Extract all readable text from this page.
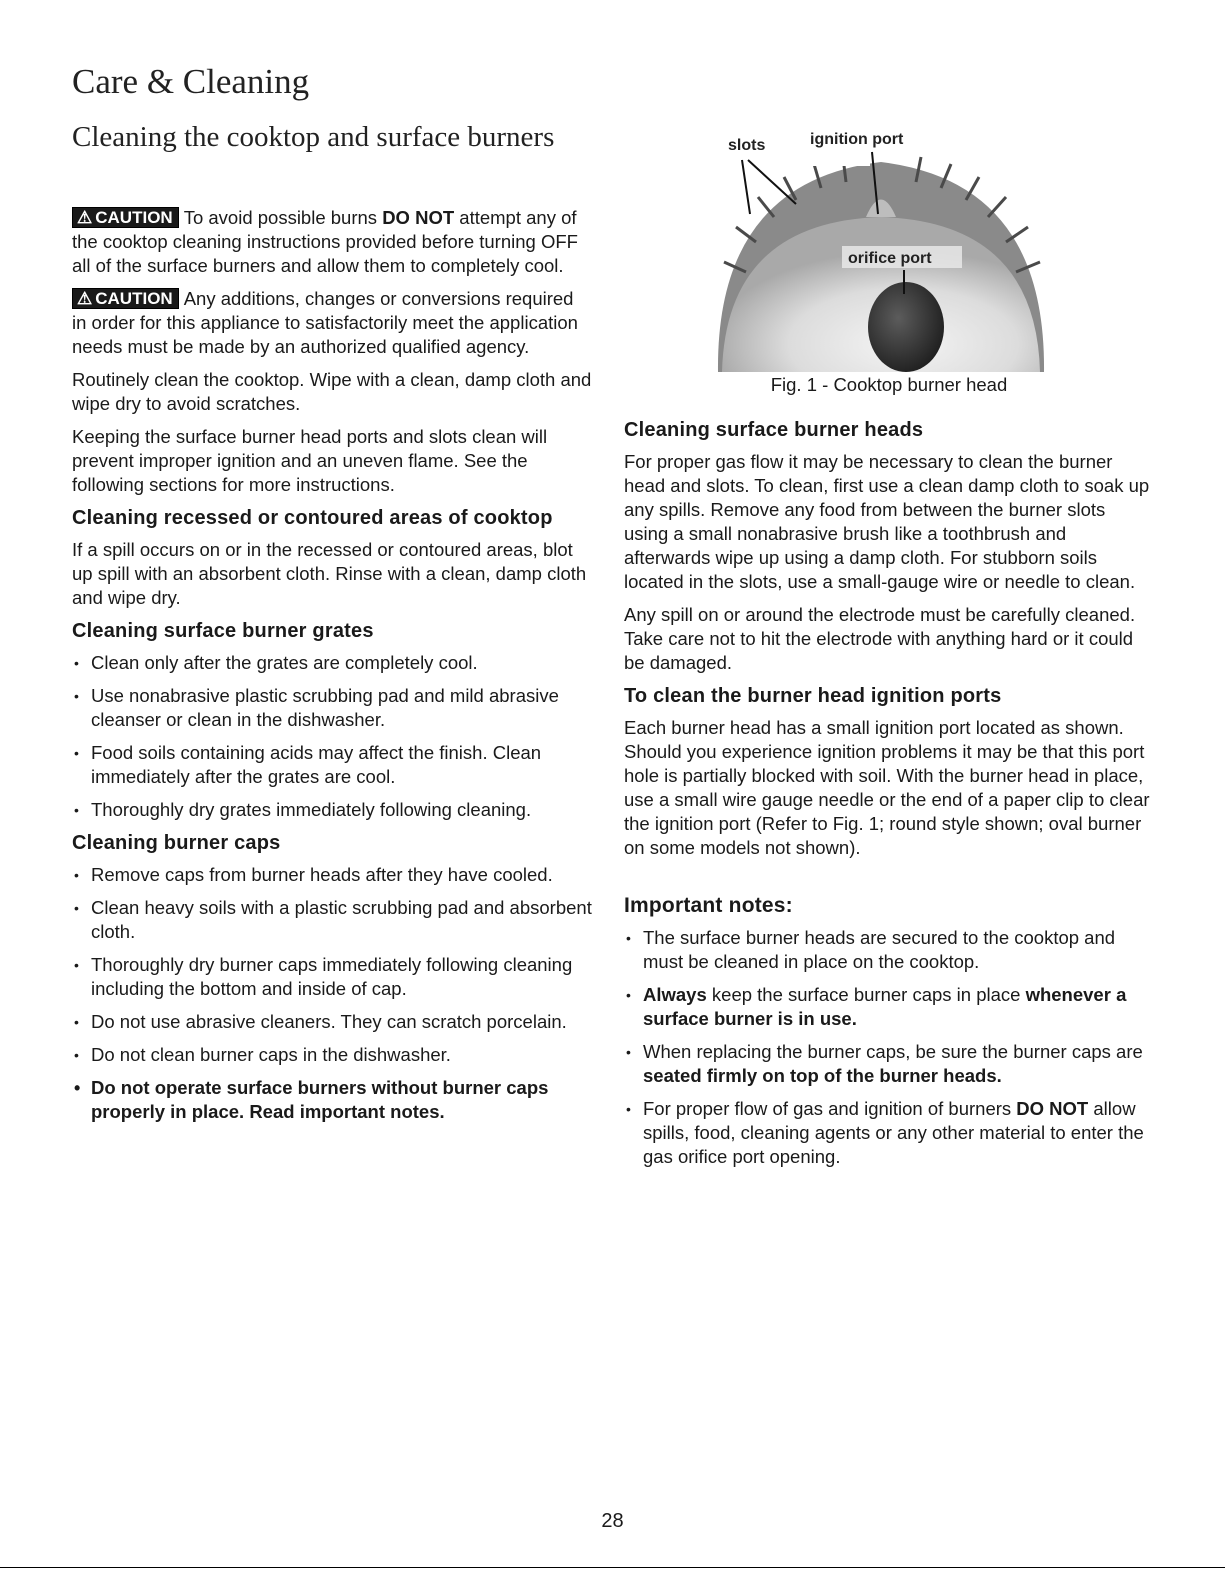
Care & Cleaning
Cleaning the cooktop and surface burners

⚠ CAUTION To avoid possible burns DO NOT attempt any of the cooktop cleaning instructions provided before turning OFF all of the surface burners and allow them to completely cool.

⚠ CAUTION Any additions, changes or conversions required in order for this appliance to satisfactorily meet the application needs must be made by an authorized qualified agency.

Routinely clean the cooktop. Wipe with a clean, damp cloth and wipe dry to avoid scratches.

Keeping the surface burner head ports and slots clean will prevent improper ignition and an uneven flame. See the following sections for more instructions.

Cleaning recessed or contoured areas of cooktop

If a spill occurs on or in the recessed or contoured areas, blot up spill with an absorbent cloth. Rinse with a clean, damp cloth and wipe dry.

Cleaning surface burner grates
• Clean only after the grates are completely cool.
• Use nonabrasive plastic scrubbing pad and mild abrasive cleanser or clean in the dishwasher.
• Food soils containing acids may affect the finish. Clean immediately after the grates are cool.
• Thoroughly dry grates immediately following cleaning.
Cleaning burner caps
• Remove caps from burner heads after they have cooled.
• Clean heavy soils with a plastic scrubbing pad and absorbent cloth.
• Thoroughly dry burner caps immediately following cleaning including the bottom and inside of cap.
• Do not use abrasive cleaners. They can scratch porcelain.
• Do not clean burner caps in the dishwasher.
• Do not operate surface burners without burner caps properly in place. Read important notes.
slots	ignition port
orifice port
Fig. 1 - Cooktop burner head
Cleaning surface burner heads

For proper gas flow it may be necessary to clean the burner head and slots. To clean, first use a clean damp cloth to soak up any spills. Remove any food from between the burner slots using a small nonabrasive brush like a toothbrush and afterwards wipe up using a damp cloth. For stubborn soils located in the slots, use a small-gauge wire or needle to clean.

Any spill on or around the electrode must be carefully cleaned. Take care not to hit the electrode with anything hard or it could be damaged.

To clean the burner head ignition ports

Each burner head has a small ignition port located as shown. Should you experience ignition problems it may be that this port hole is partially blocked with soil. With the burner head in place, use a small wire gauge needle or the end of a paper clip to clear the ignition port (Refer to Fig. 1; round style shown; oval burner on some models not shown).

Important notes:
• The surface burner heads are secured to the cooktop and must be cleaned in place on the cooktop.
• Always keep the surface burner caps in place whenever a surface burner is in use.
• When replacing the burner caps, be sure the burner caps are seated firmly on top of the burner heads.
• For proper flow of gas and ignition of burners DO NOT allow spills, food, cleaning agents or any other material to enter the gas orifice port opening.
28
